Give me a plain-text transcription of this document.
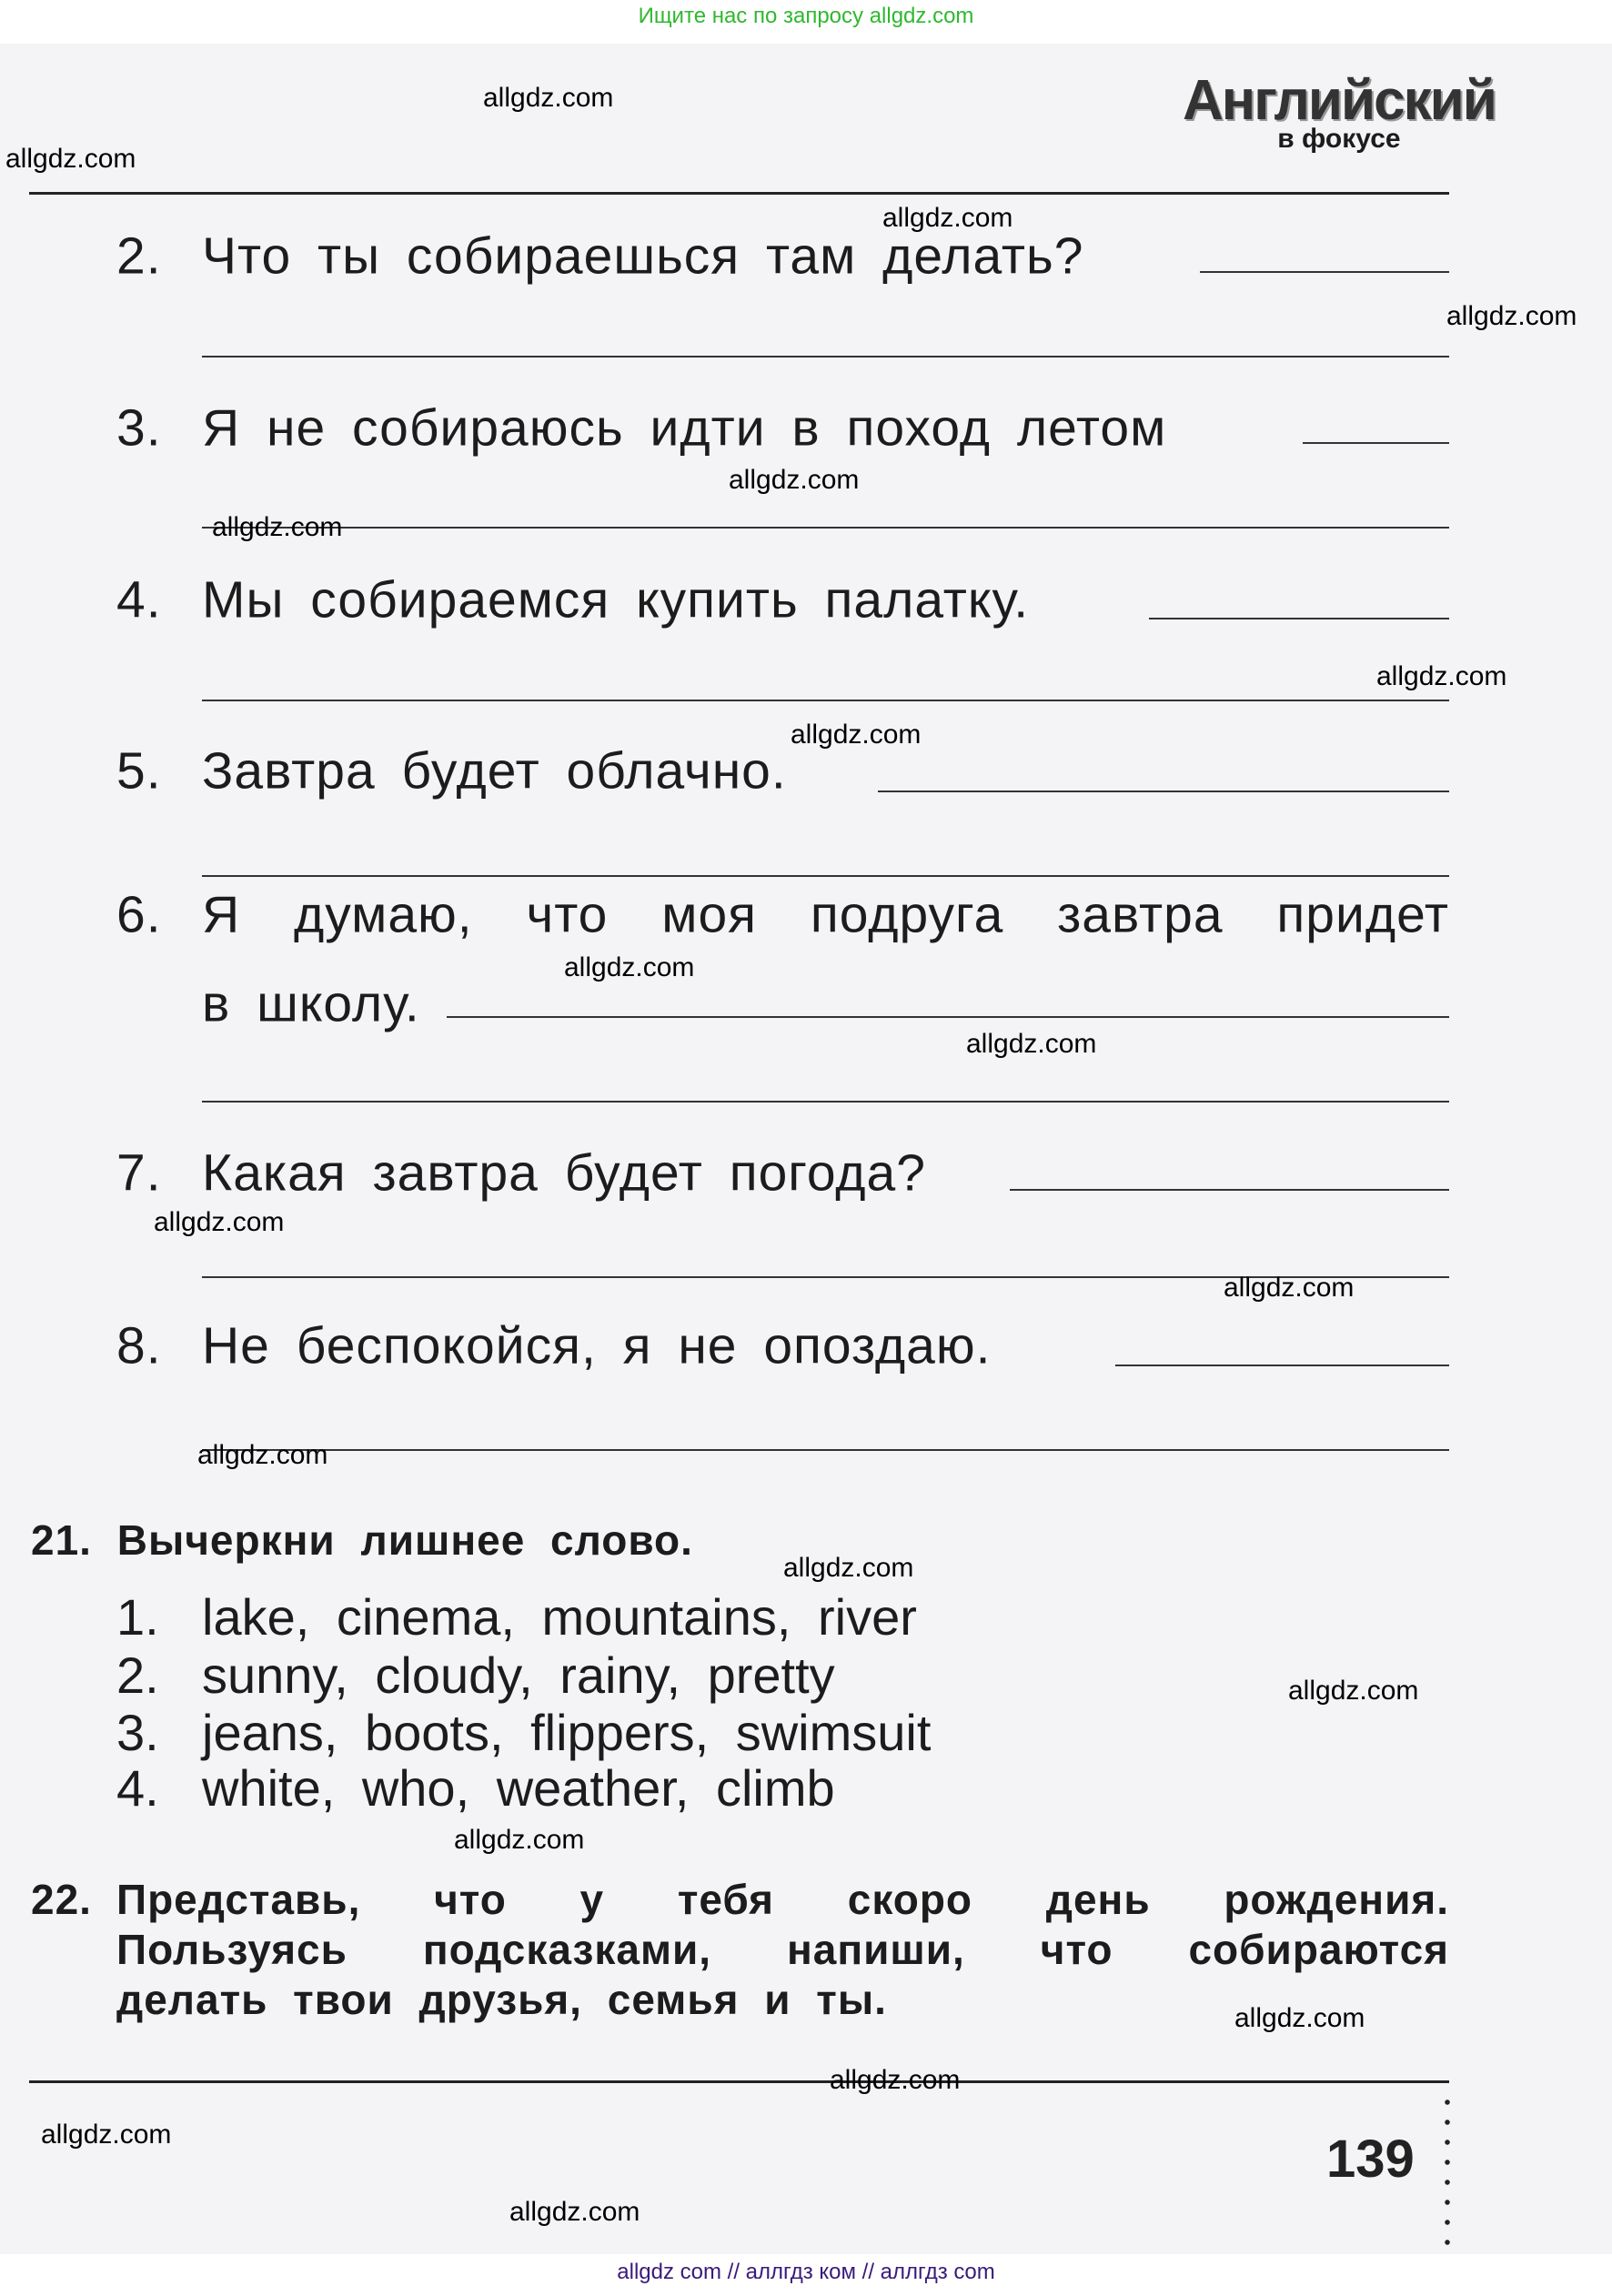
Ищите нас по запросу allgdz.com
Английский
в фокусе
2. Что ты собираешься там делать?
3. Я не собираюсь идти в поход летом
4. Мы собираемся купить палатку.
5. Завтра будет облачно.
6. Я думаю, что моя подруга завтра придет
в школу.
7. Какая завтра будет погода?
8. Не беспокойся, я не опоздаю.
21. Вычеркни лишнее слово.
1. lake, cinema, mountains, river
2. sunny, cloudy, rainy, pretty
3. jeans, boots, flippers, swimsuit
4. white, who, weather, climb
22. Представь, что у тебя скоро день рождения.
Пользуясь подсказками, напиши, что собираются
делать твои друзья, семья и ты.
139
allgdz.com
allgdz.com
allgdz.com
allgdz.com
allgdz.com
allgdz.com
allgdz.com
allgdz.com
allgdz.com
allgdz.com
allgdz.com
allgdz.com
allgdz.com
allgdz.com
allgdz.com
allgdz.com
allgdz.com
allgdz.com
allgdz.com
allgdz.com
allgdz com // аллгдз ком // аллгдз com
